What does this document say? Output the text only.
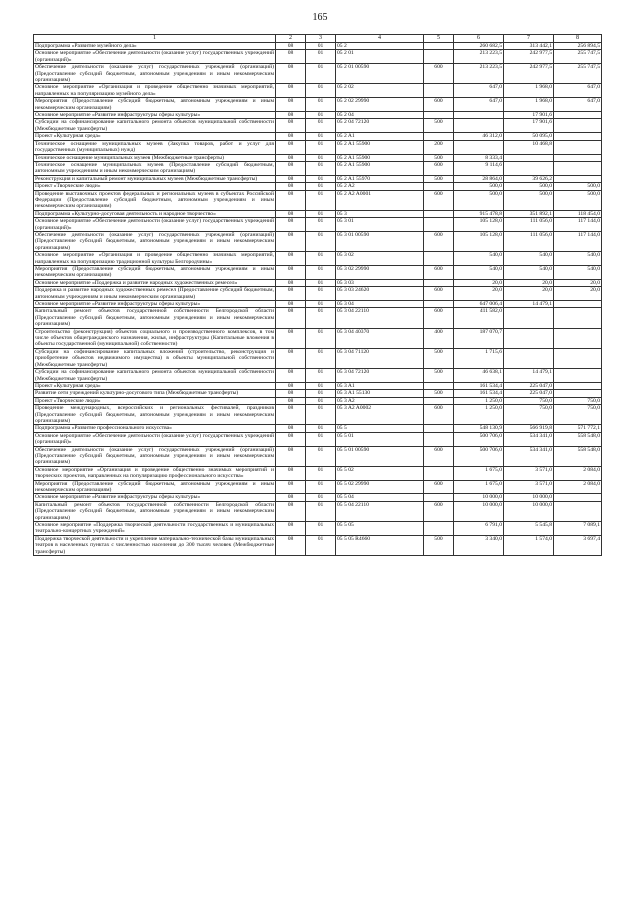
165
1	2	3	4	5	6	7	8
Подпрограмма «Развитие музейного дела»	08	01	05 2		260 682,5	313 442,1	256 894,5
Основное мероприятие «Обеспечение деятельности (оказание услуг) государственных учреждений (организаций)»	08	01	05 2 01		213 223,5	242 977,5	255 747,5
Обеспечение деятельности (оказание услуг) государственных учреждений (организаций) (Предоставление субсидий бюджетным, автономным учреждениям и иным некоммерческим организациям)	08	01	05 2 01 00590	600	213 223,5	242 977,5	255 747,5
Основное мероприятие «Организация и проведение общественно значимых мероприятий, направленных на популяризацию музейного дела»	08	01	05 2 02		647,0	1 968,0	647,0
Мероприятия (Предоставление субсидий бюджетным, автономным учреждениям и иным некоммерческим организациям)	08	01	05 2 02 29990	600	647,0	1 968,0	647,0
Основное мероприятие «Развитие инфраструктуры сферы культуры»	08	01	05 2 04			17 901,6	
Субсидии на софинансирование капитального ремонта объектов муниципальной собственности (Межбюджетные трансферты)	08	01	05 2 04 72120	500		17 901,6	
Проект «Культурная среда»	08	01	05 2 A1		46 312,0	50 095,0	
Техническое оснащение муниципальных музеев (Закупка товаров, работ и услуг для государственных (муниципальных) нужд)	08	01	05 2 A1 55900	200		10 468,8	
Техническое оснащение муниципальных музеев (Межбюджетные трансферты)	08	01	05 2 A1 55900	500	8 333,4		
Техническое оснащение муниципальных музеев (Предоставление субсидий бюджетным, автономным учреждениям и иным некоммерческим организациям)	08	01	05 2 A1 55900	600	9 114,6		
Реконструкция и капитальный ремонт муниципальных музеев (Межбюджетные трансферты)	08	01	05 2 A1 55970	500	28 864,0	39 626,2	
Проект «Творческие люди»	08	01	05 2 A2		500,0	500,0	500,0
Проведение выставочных проектов федеральных и региональных музеев в субъектах Российской Федерации (Предоставление субсидий бюджетным, автономным учреждениям и иным некоммерческим организациям)	08	01	05 2 A2 A0001	600	500,0	500,0	500,0
Подпрограмма «Культурно-досуговая деятельность и народное творчество»	08	01	05 3		915 478,8	351 892,1	118 454,0
Основное мероприятие «Обеспечение деятельности (оказание услуг) государственных учреждений (организаций)»	08	01	05 3 01		105 128,0	111 056,0	117 144,0
Обеспечение деятельности (оказание услуг) государственных учреждений (организаций) (Предоставление субсидий бюджетным, автономным учреждениям и иным некоммерческим организациям)	08	01	05 3 01 00590	600	105 128,0	111 056,0	117 144,0
Основное мероприятие «Организация и проведение общественно значимых мероприятий, направленных на популяризацию традиционной культуры Белгородчины»	08	01	05 3 02		540,0	540,0	540,0
Мероприятия (Предоставление субсидий бюджетным, автономным учреждениям и иным некоммерческим организациям)	08	01	05 3 02 29990	600	540,0	540,0	540,0
Основное мероприятие «Поддержка и развитие народных художественных ремесел»	08	01	05 3 03		20,0	20,0	20,0
Поддержка и развитие народных художественных ремесел (Предоставление субсидий бюджетным, автономным учреждениям и иным некоммерческим организациям)	08	01	05 3 03 24620	600	20,0	20,0	20,0
Основное мероприятие «Развитие инфраструктуры сферы культуры»	08	01	05 3 04		647 006,4	14 479,1	
Капитальный ремонт объектов государственной собственности Белгородской области (Предоставление субсидий бюджетным, автономным учреждениям и иным некоммерческим организациям)	08	01	05 3 04 22110	600	411 582,0		
Строительство (реконструкция) объектов социального и производственного комплексов, в том числе объектов общегражданского назначения, жилья, инфраструктуры (Капитальные вложения в объекты государственной (муниципальной) собственности)	08	01	05 3 04 40370	400	187 070,7		
Субсидии на софинансирование капитальных вложений (строительство, реконструкция и приобретение объектов недвижимого имущества) в объекты муниципальной собственности (Межбюджетные трансферты)	08	01	05 3 04 71120	500	1 715,6		
Субсидии на софинансирование капитального ремонта объектов муниципальной собственности (Межбюджетные трансферты)	08	01	05 3 04 72120	500	46 638,1	14 479,1	
Проект «Культурная среда»	08	01	05 3 A1		161 534,4	225 047,0	
Развитие сети учреждений культурно-досугового типа (Межбюджетные трансферты)	08	01	05 3 A1 55130	500	161 534,4	225 047,0	
Проект «Творческие люди»	08	01	05 3 A2		1 250,0	750,0	750,0
Проведение международных, всероссийских и региональных фестивалей, праздников (Предоставление субсидий бюджетным, автономным учреждениям и иным некоммерческим организациям)	08	01	05 3 A2 A0002	600	1 250,0	750,0	750,0
Подпрограмма «Развитие профессионального искусства»	08	01	05 5		548 130,9	566 919,8	571 772,1
Основное мероприятие «Обеспечение деятельности (оказание услуг) государственных учреждений (организаций)»	08	01	05 5 01		500 706,0	534 341,0	558 548,0
Обеспечение деятельности (оказание услуг) государственных учреждений (организаций) (Предоставление субсидий бюджетным, автономным учреждениям и иным некоммерческим организациям)	08	01	05 5 01 00590	600	500 706,0	534 341,0	558 548,0
Основное мероприятие «Организация и проведение общественно значимых мероприятий и творческих проектов, направленных на популяризацию профессионального искусства»	08	01	05 5 02		1 675,0	3 571,0	2 084,0
Мероприятия (Предоставление субсидий бюджетным, автономным учреждениям и иным некоммерческим организациям)	08	01	05 5 02 29990	600	1 675,0	3 571,0	2 084,0
Основное мероприятие «Развитие инфраструктуры сферы культуры»	08	01	05 5 04		10 000,0	10 000,0	
Капитальный ремонт объектов государственной собственности Белгородской области (Предоставление субсидий бюджетным, автономным учреждениям и иным некоммерческим организациям)	08	01	05 5 04 22110	600	10 000,0	10 000,0	
Основное мероприятие «Поддержка творческой деятельности государственных и муниципальных театрально-концертных учреждений»	08	01	05 5 05		6 791,0	5 545,8	7 089,1
Поддержка творческой деятельности и укрепление материально-технической базы муниципальных театров в населенных пунктах с численностью населения до 300 тысяч человек (Межбюджетные трансферты)	08	01	05 5 05 R4660	500	3 340,0	1 574,0	3 697,4
